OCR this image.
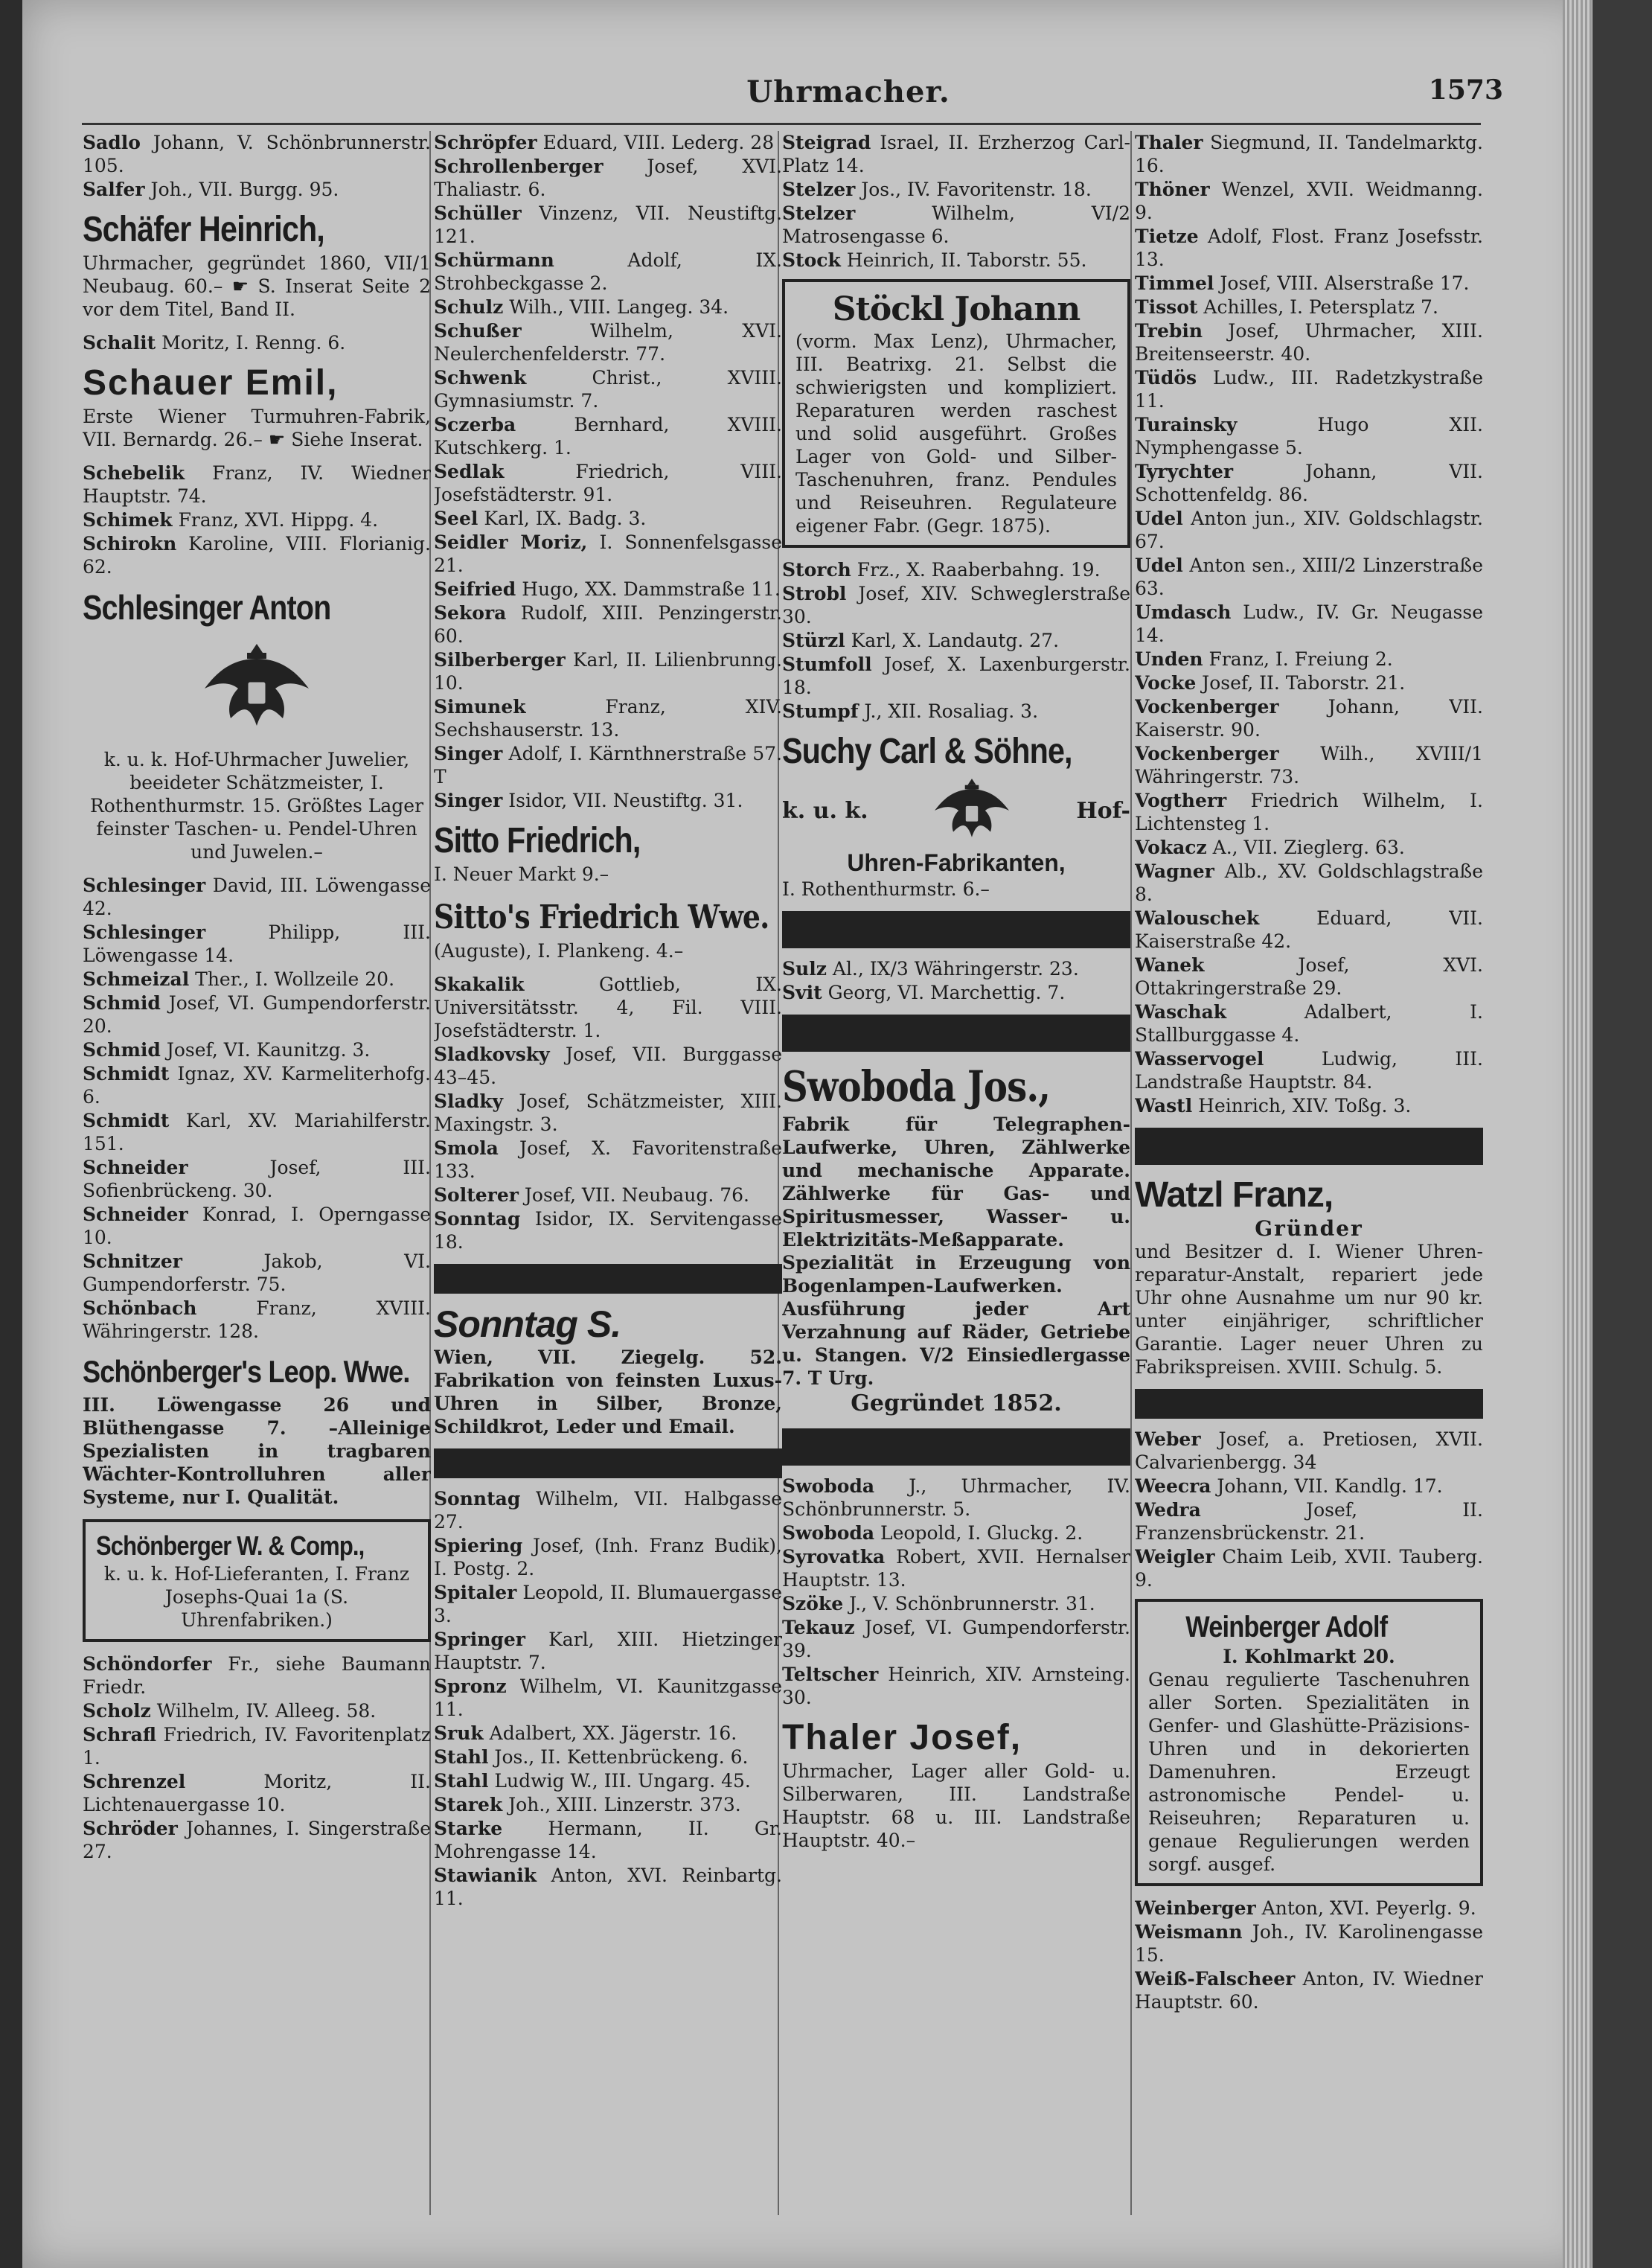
Uhrmacher.	1573
Sadlo Johann, V. Schönbrunnerstr. 105.
Salfer Joh., VII. Burgg. 95.
Schäfer Heinrich,
Uhrmacher, gegründet 1860, VII/1 Neubaug. 60.– ☛ S. Inserat Seite 2 vor dem Titel, Band II.
Schalit Moritz, I. Renng. 6.
Schauer Emil,
Erste Wiener Turmuhren-Fabrik, VII. Bernardg. 26.– ☛ Siehe Inserat.
Schebelik Franz, IV. Wiedner Hauptstr. 74.
Schimek Franz, XVI. Hippg. 4.
Schirokn Karoline, VIII. Florianig. 62.
Schlesinger Anton
k. u. k. Hof-Uhrmacher Juwelier, beeideter Schätzmeister, I. Rothenthurmstr. 15. Größtes Lager feinster Taschen- u. Pendel-Uhren und Juwelen.–
Schlesinger David, III. Löwengasse 42.
Schlesinger Philipp, III. Löwengasse 14.
Schmeizal Ther., I. Wollzeile 20.
Schmid Josef, VI. Gumpendorferstr. 20.
Schmid Josef, VI. Kaunitzg. 3.
Schmidt Ignaz, XV. Karmeliterhofg. 6.
Schmidt Karl, XV. Mariahilferstr. 151.
Schneider Josef, III. Sofienbrückeng. 30.
Schneider Konrad, I. Operngasse 10.
Schnitzer Jakob, VI. Gumpendorferstr. 75.
Schönbach Franz, XVIII. Währingerstr. 128.
Schönberger's Leop. Wwe.
III. Löwengasse 26 und Blüthengasse 7. –Alleinige Spezialisten in tragbaren Wächter-Kontrolluhren aller Systeme, nur I. Qualität.
Schönberger W. & Comp.,
k. u. k. Hof-Lieferanten, I. Franz Josephs-Quai 1a (S. Uhrenfabriken.)
Schöndorfer Fr., siehe Baumann Friedr.
Scholz Wilhelm, IV. Alleeg. 58.
Schrafl Friedrich, IV. Favoritenplatz 1.
Schrenzel Moritz, II. Lichtenauergasse 10.
Schröder Johannes, I. Singerstraße 27.
Schröpfer Eduard, VIII. Lederg. 28
Schrollenberger Josef, XVI. Thaliastr. 6.
Schüller Vinzenz, VII. Neustiftg. 121.
Schürmann Adolf, IX. Strohbeckgasse 2.
Schulz Wilh., VIII. Langeg. 34.
Schußer Wilhelm, XVI. Neulerchenfelderstr. 77.
Schwenk Christ., XVIII. Gymnasiumstr. 7.
Sczerba Bernhard, XVIII. Kutschkerg. 1.
Sedlak Friedrich, VIII. Josefstädterstr. 91.
Seel Karl, IX. Badg. 3.
Seidler Moriz, I. Sonnenfelsgasse 21.
Seifried Hugo, XX. Dammstraße 11.
Sekora Rudolf, XIII. Penzingerstr. 60.
Silberberger Karl, II. Lilienbrunng. 10.
Simunek Franz, XIV. Sechshauserstr. 13.
Singer Adolf, I. Kärnthnerstraße 57. T
Singer Isidor, VII. Neustiftg. 31.
Sitto Friedrich,
I. Neuer Markt 9.–
Sitto's Friedrich Wwe.
(Auguste), I. Plankeng. 4.–
Skakalik Gottlieb, IX. Universitätsstr. 4, Fil. VIII. Josefstädterstr. 1.
Sladkovsky Josef, VII. Burggasse 43–45.
Sladky Josef, Schätzmeister, XIII. Maxingstr. 3.
Smola Josef, X. Favoritenstraße 133.
Solterer Josef, VII. Neubaug. 76.
Sonntag Isidor, IX. Servitengasse 18.
Sonntag S.
Wien, VII. Ziegelg. 52. Fabrikation von feinsten Luxus-Uhren in Silber, Bronze, Schildkrot, Leder und Email.
Sonntag Wilhelm, VII. Halbgasse 27.
Spiering Josef, (Inh. Franz Budik), I. Postg. 2.
Spitaler Leopold, II. Blumauergasse 3.
Springer Karl, XIII. Hietzinger Hauptstr. 7.
Spronz Wilhelm, VI. Kaunitzgasse 11.
Sruk Adalbert, XX. Jägerstr. 16.
Stahl Jos., II. Kettenbrückeng. 6.
Stahl Ludwig W., III. Ungarg. 45.
Starek Joh., XIII. Linzerstr. 373.
Starke Hermann, II. Gr. Mohrengasse 14.
Stawianik Anton, XVI. Reinbartg. 11.
Steigrad Israel, II. Erzherzog Carl-Platz 14.
Stelzer Jos., IV. Favoritenstr. 18.
Stelzer Wilhelm, VI/2 Matrosengasse 6.
Stock Heinrich, II. Taborstr. 55.
Stöckl Johann
(vorm. Max Lenz), Uhrmacher, III. Beatrixg. 21. Selbst die schwierigsten und kompliziert. Reparaturen werden raschest und solid ausgeführt. Großes Lager von Gold- und Silber-Taschenuhren, franz. Pendules und Reiseuhren. Regulateure eigener Fabr. (Gegr. 1875).
Storch Frz., X. Raaberbahng. 19.
Strobl Josef, XIV. Schweglerstraße 30.
Stürzl Karl, X. Landautg. 27.
Stumfoll Josef, X. Laxenburgerstr. 18.
Stumpf J., XII. Rosaliag. 3.
Suchy Carl & Söhne,
k. u. k.	Hof-
Uhren-Fabrikanten,
I. Rothenthurmstr. 6.–
Sulz Al., IX/3 Währingerstr. 23.
Svit Georg, VI. Marchettig. 7.
Swoboda Jos.,
Fabrik für Telegraphen-Laufwerke, Uhren, Zählwerke und mechanische Apparate. Zählwerke für Gas- und Spiritusmesser, Wasser- u. Elektrizitäts-Meßapparate. Spezialität in Erzeugung von Bogenlampen-Laufwerken. Ausführung jeder Art Verzahnung auf Räder, Getriebe u. Stangen. V/2 Einsiedlergasse 7. T Urg.
Gegründet 1852.
Swoboda J., Uhrmacher, IV. Schönbrunnerstr. 5.
Swoboda Leopold, I. Gluckg. 2.
Syrovatka Robert, XVII. Hernalser Hauptstr. 13.
Szöke J., V. Schönbrunnerstr. 31.
Tekauz Josef, VI. Gumpendorferstr. 39.
Teltscher Heinrich, XIV. Arnsteing. 30.
Thaler Josef,
Uhrmacher, Lager aller Gold- u. Silberwaren, III. Landstraße Hauptstr. 68 u. III. Landstraße Hauptstr. 40.–
Thaler Siegmund, II. Tandelmarktg. 16.
Thöner Wenzel, XVII. Weidmanng. 9.
Tietze Adolf, Flost. Franz Josefsstr. 13.
Timmel Josef, VIII. Alserstraße 17.
Tissot Achilles, I. Petersplatz 7.
Trebin Josef, Uhrmacher, XIII. Breitenseerstr. 40.
Tüdös Ludw., III. Radetzkystraße 11.
Turainsky Hugo XII. Nymphengasse 5.
Tyrychter Johann, VII. Schottenfeldg. 86.
Udel Anton jun., XIV. Goldschlagstr. 67.
Udel Anton sen., XIII/2 Linzerstraße 63.
Umdasch Ludw., IV. Gr. Neugasse 14.
Unden Franz, I. Freiung 2.
Vocke Josef, II. Taborstr. 21.
Vockenberger Johann, VII. Kaiserstr. 90.
Vockenberger Wilh., XVIII/1 Währingerstr. 73.
Vogtherr Friedrich Wilhelm, I. Lichtensteg 1.
Vokacz A., VII. Zieglerg. 63.
Wagner Alb., XV. Goldschlagstraße 8.
Walouschek Eduard, VII. Kaiserstraße 42.
Wanek Josef, XVI. Ottakringerstraße 29.
Waschak Adalbert, I. Stallburggasse 4.
Wasservogel Ludwig, III. Landstraße Hauptstr. 84.
Wastl Heinrich, XIV. Toßg. 3.
Watzl Franz,
Gründer
und Besitzer d. I. Wiener Uhren-reparatur-Anstalt, repariert jede Uhr ohne Ausnahme um nur 90 kr. unter einjähriger, schriftlicher Garantie. Lager neuer Uhren zu Fabrikspreisen. XVIII. Schulg. 5.
Weber Josef, a. Pretiosen, XVII. Calvarienbergg. 34
Weecra Johann, VII. Kandlg. 17.
Wedra Josef, II. Franzensbrückenstr. 21.
Weigler Chaim Leib, XVII. Tauberg. 9.
Weinberger Adolf
I. Kohlmarkt 20.
Genau regulierte Taschenuhren aller Sorten. Spezialitäten in Genfer- und Glashütte-Präzisions-Uhren und in dekorierten Damenuhren. Erzeugt astronomische Pendel- u. Reiseuhren; Reparaturen u. genaue Regulierungen werden sorgf. ausgef.
Weinberger Anton, XVI. Peyerlg. 9.
Weismann Joh., IV. Karolinengasse 15.
Weiß-Falscheer Anton, IV. Wiedner Hauptstr. 60.
